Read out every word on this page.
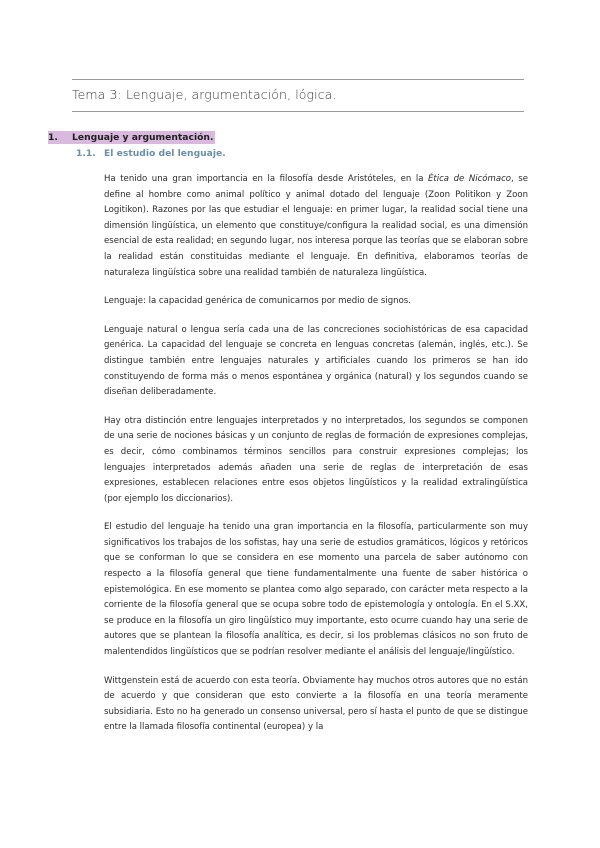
Tema 3: Lenguaje, argumentación, lógica.
1. Lenguaje y argumentación.
1.1. El estudio del lenguaje.

Ha tenido una gran importancia en la filosofía desde Aristóteles, en la Ética de Nicómaco, se define al hombre como animal político y animal dotado del lenguaje (Zoon Politikon y Zoon Logitikon). Razones por las que estudiar el lenguaje: en primer lugar, la realidad social tiene una dimensión lingüística, un elemento que constituye/configura la realidad social, es una dimensión esencial de esta realidad; en segundo lugar, nos interesa porque las teorías que se elaboran sobre la realidad están constituidas mediante el lenguaje. En definitiva, elaboramos teorías de naturaleza lingüística sobre una realidad también de naturaleza lingüística.

Lenguaje: la capacidad genérica de comunicarnos por medio de signos.

Lenguaje natural o lengua sería cada una de las concreciones sociohistóricas de esa capacidad genérica. La capacidad del lenguaje se concreta en lenguas concretas (alemán, inglés, etc.). Se distingue también entre lenguajes naturales y artificiales cuando los primeros se han ido constituyendo de forma más o menos espontánea y orgánica (natural) y los segundos cuando se diseñan deliberadamente.

Hay otra distinción entre lenguajes interpretados y no interpretados, los segundos se componen de una serie de nociones básicas y un conjunto de reglas de formación de expresiones complejas, es decir, cómo combinamos términos sencillos para construir expresiones complejas; los lenguajes interpretados además añaden una serie de reglas de interpretación de esas expresiones, establecen relaciones entre esos objetos lingüísticos y la realidad extralingüística (por ejemplo los diccionarios).

El estudio del lenguaje ha tenido una gran importancia en la filosofía, particularmente son muy significativos los trabajos de los sofistas, hay una serie de estudios gramáticos, lógicos y retóricos que se conforman lo que se considera en ese momento una parcela de saber autónomo con respecto a la filosofía general que tiene fundamentalmente una fuente de saber histórica o epistemológica. En ese momento se plantea como algo separado, con carácter meta respecto a la corriente de la filosofía general que se ocupa sobre todo de epistemología y ontología. En el S.XX, se produce en la filosofía un giro lingüístico muy importante, esto ocurre cuando hay una serie de autores que se plantean la filosofía analítica, es decir, si los problemas clásicos no son fruto de malentendidos lingüísticos que se podrían resolver mediante el análisis del lenguaje/lingüístico.

Wittgenstein está de acuerdo con esta teoría. Obviamente hay muchos otros autores que no están de acuerdo y que consideran que esto convierte a la filosofía en una teoría meramente subsidiaria. Esto no ha generado un consenso universal, pero sí hasta el punto de que se distingue entre la llamada filosofía continental (europea) y la
